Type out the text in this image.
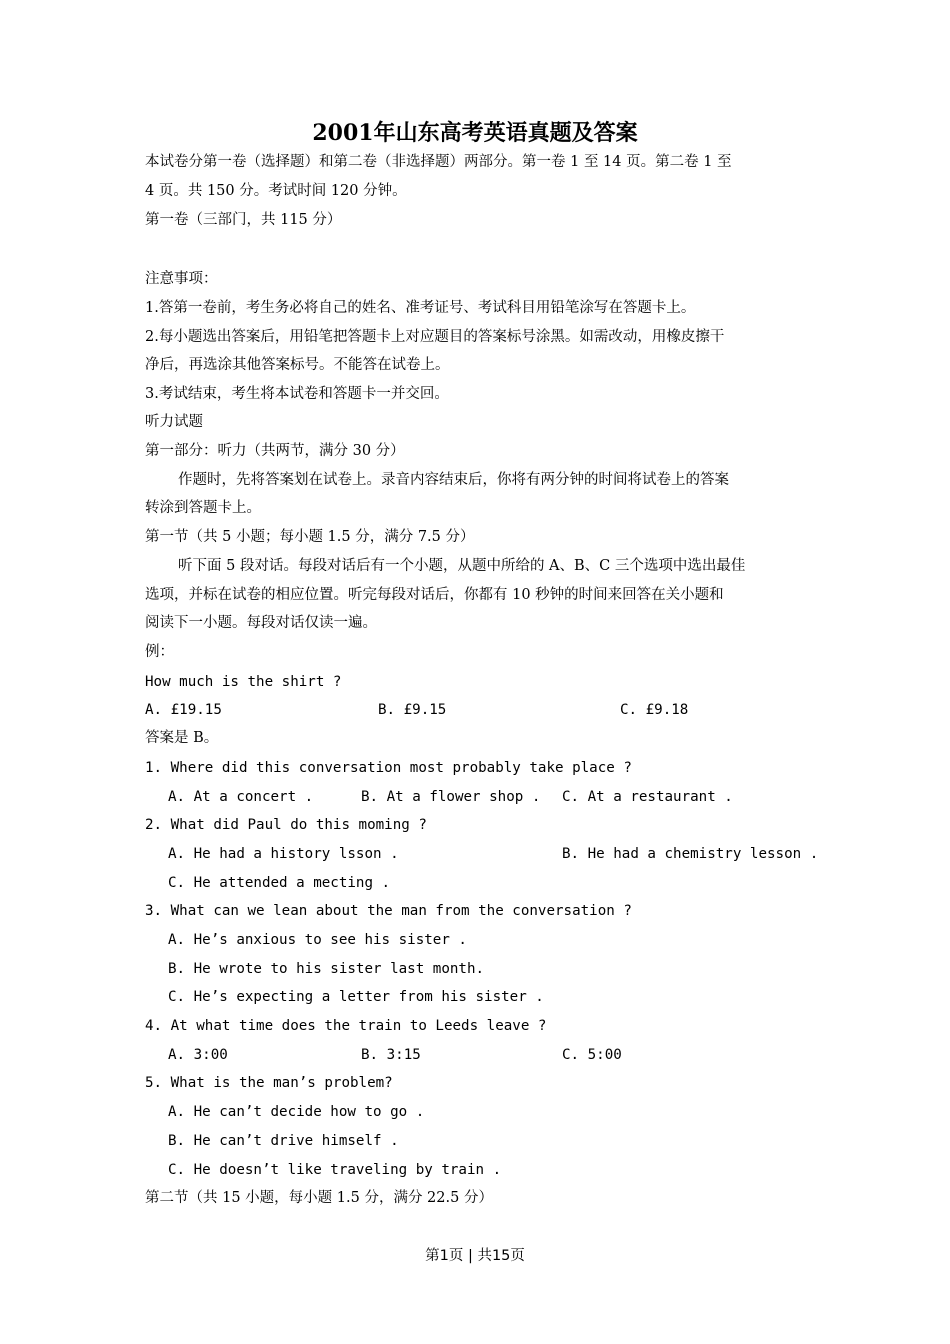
2001年山东高考英语真题及答案
本试卷分第一卷（选择题）和第二卷（非选择题）两部分。第一卷 1 至 14 页。第二卷 1 至
4 页。共 150 分。考试时间 120 分钟。
第一卷（三部门，共 115 分）
注意事项：
1.答第一卷前，考生务必将自己的姓名、准考证号、考试科目用铅笔涂写在答题卡上。
2.每小题选出答案后，用铅笔把答题卡上对应题目的答案标号涂黑。如需改动，用橡皮擦干
净后，再选涂其他答案标号。不能答在试卷上。
3.考试结束，考生将本试卷和答题卡一并交回。
听力试题
第一部分：听力（共两节，满分 30 分）
作题时，先将答案划在试卷上。录音内容结束后，你将有两分钟的时间将试卷上的答案
转涂到答题卡上。
第一节（共 5 小题；每小题 1.5 分，满分 7.5 分）
听下面 5 段对话。每段对话后有一个小题，从题中所给的 A、B、C 三个选项中选出最佳
选项，并标在试卷的相应位置。听完每段对话后，你都有 10 秒钟的时间来回答在关小题和
阅读下一小题。每段对话仅读一遍。
例：
How much is the shirt ?
A. £19.15	B. £9.15	C. £9.18
答案是 B。
1. Where did this conversation most probably take place ?
A. At a concert .	B. At a flower shop . C. At a restaurant .
2. What did Paul do this moming ?
A. He had a history lsson .	B. He had a chemistry lesson .
C. He attended a mecting .
3. What can we lean about the man from the conversation ?
A. He’s anxious to see his sister .
B. He wrote to his sister last month.
C. He’s expecting a letter from his sister .
4. At what time does the train to Leeds leave ?
A. 3:00	B. 3:15	C. 5:00
5. What is the man’s problem?
A. He can’t decide how to go .
B. He can’t drive himself .
C. He doesn’t like traveling by train .
第二节（共 15 小题，每小题 1.5 分，满分 22.5 分）
第1页 | 共15页
